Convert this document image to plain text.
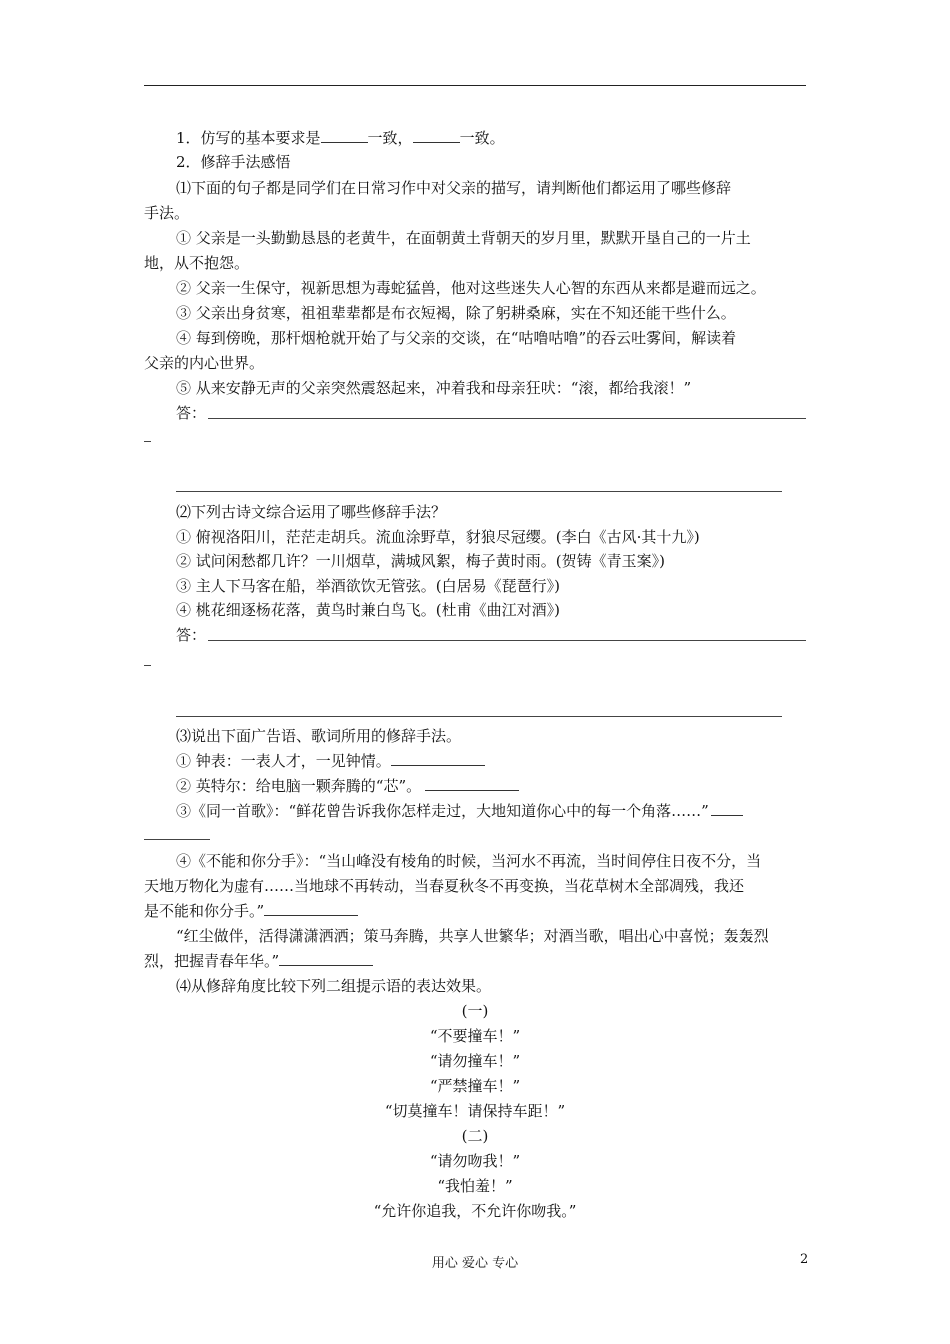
1．仿写的基本要求是	一致，	一致。
2．修辞手法感悟
⑴下面的句子都是同学们在日常习作中对父亲的描写，请判断他们都运用了哪些修辞
手法。
① 父亲是一头勤勤恳恳的老黄牛，在面朝黄土背朝天的岁月里，默默开垦自己的一片土
地，从不抱怨。
② 父亲一生保守，视新思想为毒蛇猛兽，他对这些迷失人心智的东西从来都是避而远之。
③ 父亲出身贫寒，祖祖辈辈都是布衣短褐，除了躬耕桑麻，实在不知还能干些什么。
④ 每到傍晚，那杆烟枪就开始了与父亲的交谈，在“咕噜咕噜”的吞云吐雾间，解读着
父亲的内心世界。
⑤ 从来安静无声的父亲突然震怒起来，冲着我和母亲狂吠：“滚，都给我滚！”
答：
⑵下列古诗文综合运用了哪些修辞手法？
① 俯视洛阳川，茫茫走胡兵。流血涂野草，豺狼尽冠缨。(李白《古风·其十九》)
② 试问闲愁都几许？一川烟草，满城风絮，梅子黄时雨。(贺铸《青玉案》)
③ 主人下马客在船，举酒欲饮无管弦。(白居易《琵琶行》)
④ 桃花细逐杨花落，黄鸟时兼白鸟飞。(杜甫《曲江对酒》)
答：
⑶说出下面广告语、歌词所用的修辞手法。
① 钟表：一表人才，一见钟情。
② 英特尔：给电脑一颗奔腾的“芯”。
③《同一首歌》：“鲜花曾告诉我你怎样走过，大地知道你心中的每一个角落……”
④《不能和你分手》：“当山峰没有棱角的时候，当河水不再流，当时间停住日夜不分，当
天地万物化为虚有……当地球不再转动，当春夏秋冬不再变换，当花草树木全部凋残，我还
是不能和你分手。”
“红尘做伴，活得潇潇洒洒；策马奔腾，共享人世繁华；对酒当歌，唱出心中喜悦；轰轰烈
烈，把握青春年华。”
⑷从修辞角度比较下列二组提示语的表达效果。
(一)
“不要撞车！”
“请勿撞车！”
“严禁撞车！”
“切莫撞车！请保持车距！”
(二)
“请勿吻我！”
“我怕羞！”
“允许你追我，不允许你吻我。”
用心 爱心 专心	2
